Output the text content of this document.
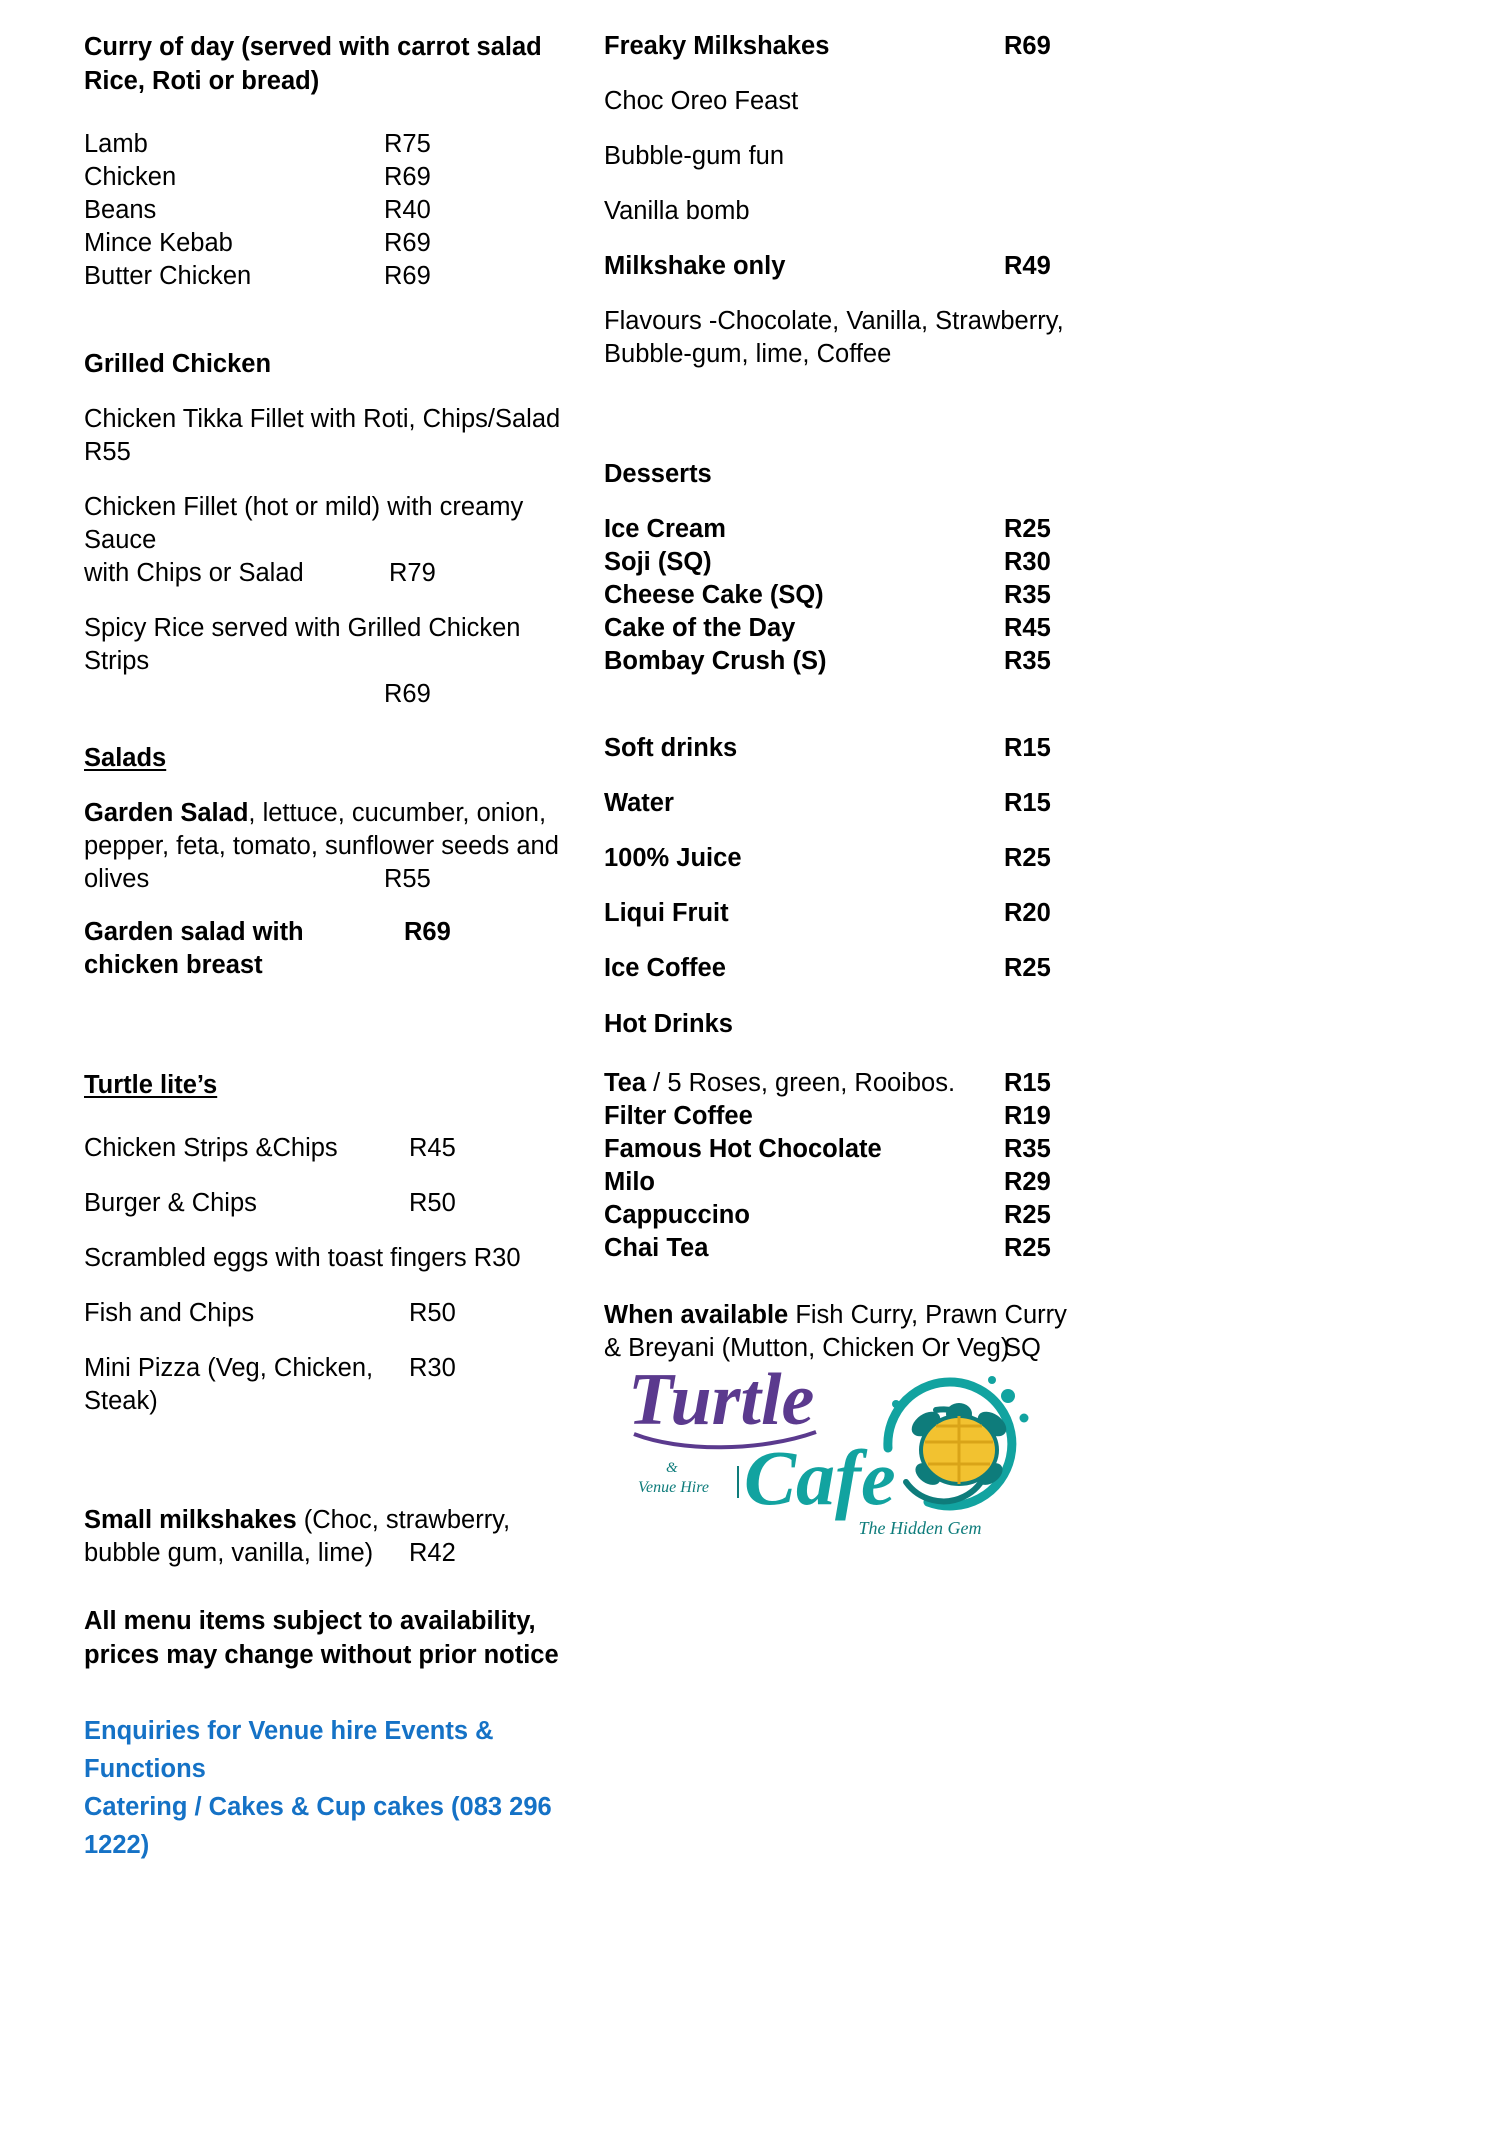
Curry of day (served with carrot salad Rice, Roti or bread)
Lamb	R75
Chicken	R69
Beans	R40
Mince Kebab	R69
Butter Chicken	R69
Grilled Chicken
Chicken Tikka Fillet with Roti, Chips/Salad R55
Chicken Fillet (hot or mild) with creamy Sauce
with Chips or Salad	R79
Spicy Rice served with Grilled Chicken Strips
R69
Salads
Garden Salad, lettuce, cucumber, onion, pepper, feta, tomato, sunflower seeds and olives	R55
Garden salad with chicken breast
R69
Turtle lite’s
Chicken Strips &Chips	R45
Burger & Chips	R50
Scrambled eggs with toast fingers R30
Fish and Chips	R50
Mini Pizza (Veg, Chicken, Steak)
R30
Small milkshakes (Choc, strawberry, bubble gum, vanilla, lime)	R42
All menu items subject to availability, prices may change without prior notice
Enquiries for Venue hire Events & Functions
Catering / Cakes & Cup cakes (083 296 1222)
Freaky Milkshakes	R69
Choc Oreo Feast
Bubble-gum fun
Vanilla bomb
Milkshake only	R49
Flavours -Chocolate, Vanilla, Strawberry, Bubble-gum, lime, Coffee
Desserts
Ice Cream	R25
Soji (SQ)	R30
Cheese Cake (SQ)	R35
Cake of the Day	R45
Bombay Crush (S)	R35
Soft drinks	R15
Water	R15
100% Juice	R25
Liqui Fruit	R20
Ice Coffee	R25
Hot Drinks
Tea / 5 Roses, green, Rooibos.	R15
Filter Coffee	R19
Famous Hot Chocolate	R35
Milo	R29
Cappuccino	R25
Chai Tea	R25
When available Fish Curry, Prawn Curry & Breyani (Mutton, Chicken Or Veg)
SQ
Turtle
&
Venue Hire Cafe
The Hidden Gem
